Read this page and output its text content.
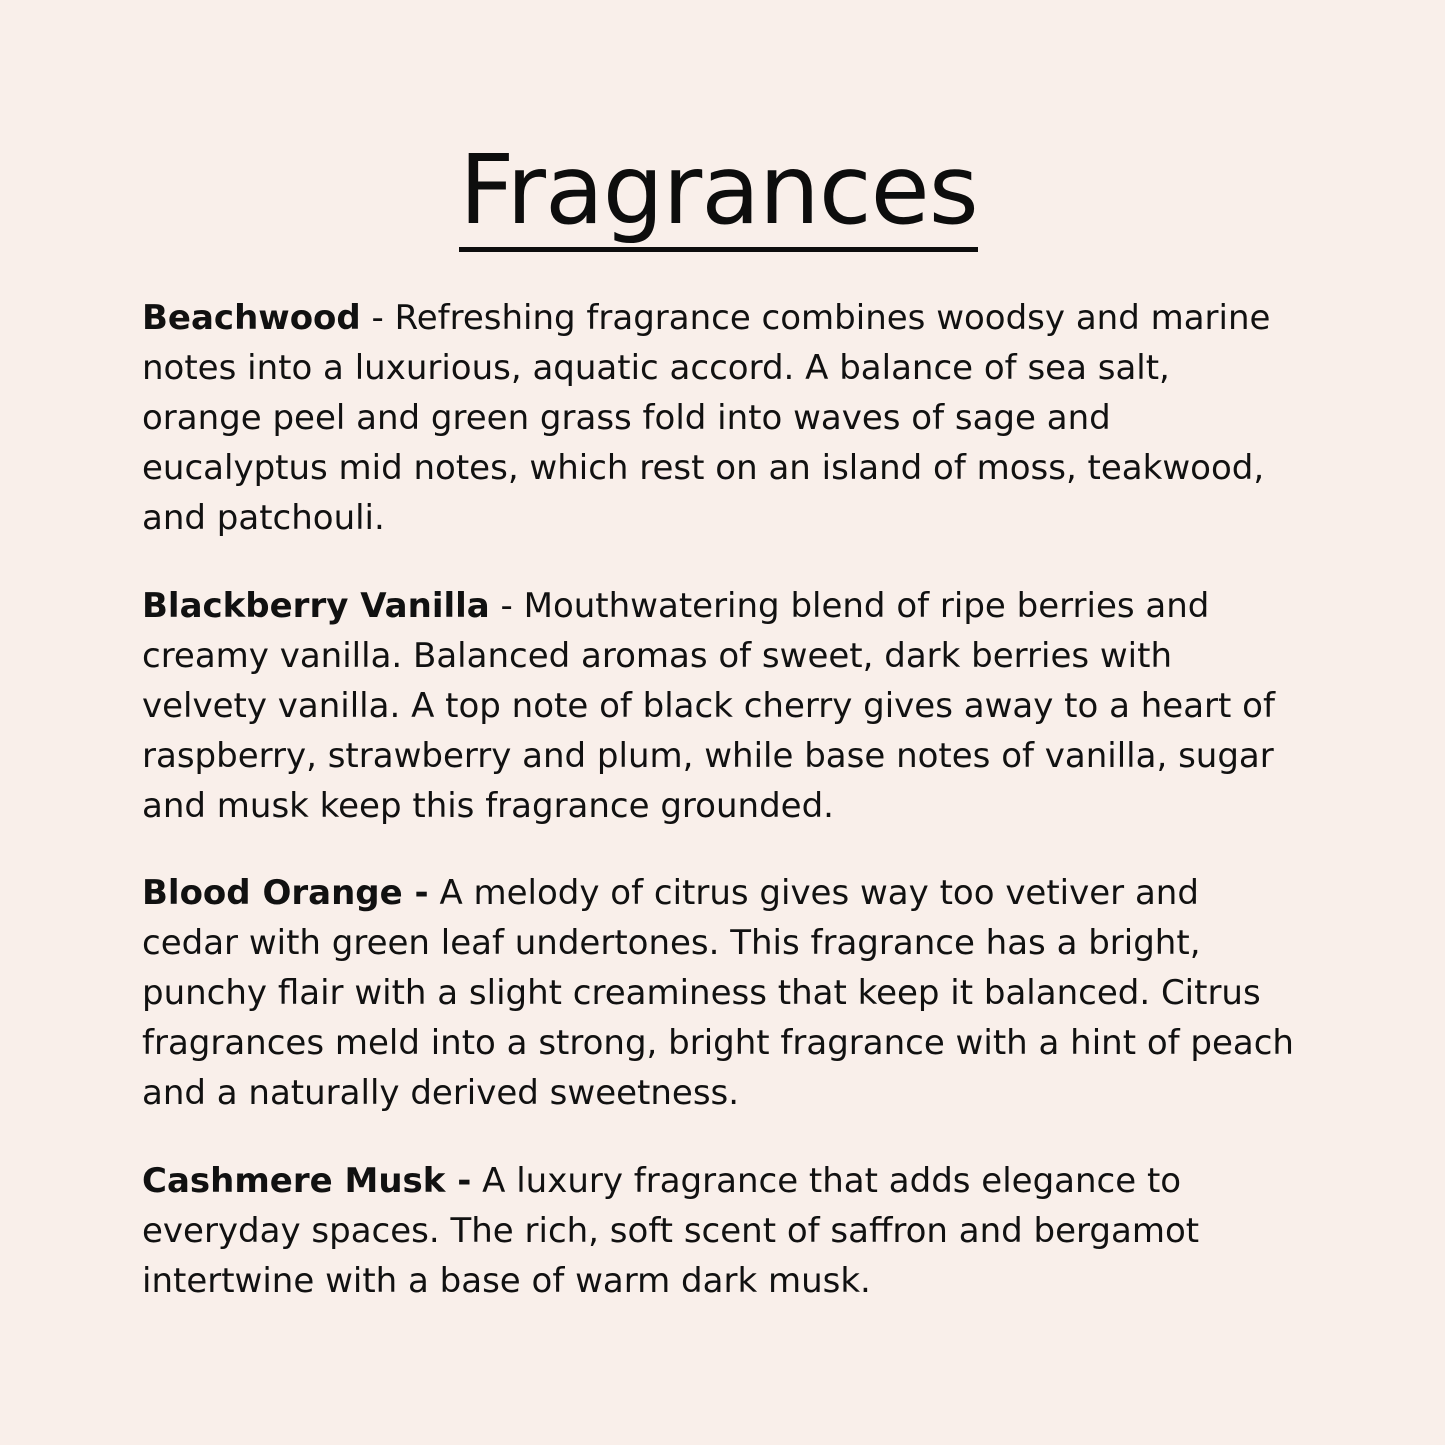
Fragrances

Beachwood - Refreshing fragrance combines woodsy and marine notes into a luxurious, aquatic accord. A balance of sea salt, orange peel and green grass fold into waves of sage and eucalyptus mid notes, which rest on an island of moss, teakwood, and patchouli.

Blackberry Vanilla - Mouthwatering blend of ripe berries and creamy vanilla. Balanced aromas of sweet, dark berries with velvety vanilla. A top note of black cherry gives away to a heart of raspberry, strawberry and plum, while base notes of vanilla, sugar and musk keep this fragrance grounded.

Blood Orange - A melody of citrus gives way too vetiver and cedar with green leaf undertones. This fragrance has a bright, punchy flair with a slight creaminess that keep it balanced. Citrus fragrances meld into a strong, bright fragrance with a hint of peach and a naturally derived sweetness.

Cashmere Musk - A luxury fragrance that adds elegance to everyday spaces. The rich, soft scent of saffron and bergamot intertwine with a base of warm dark musk.
